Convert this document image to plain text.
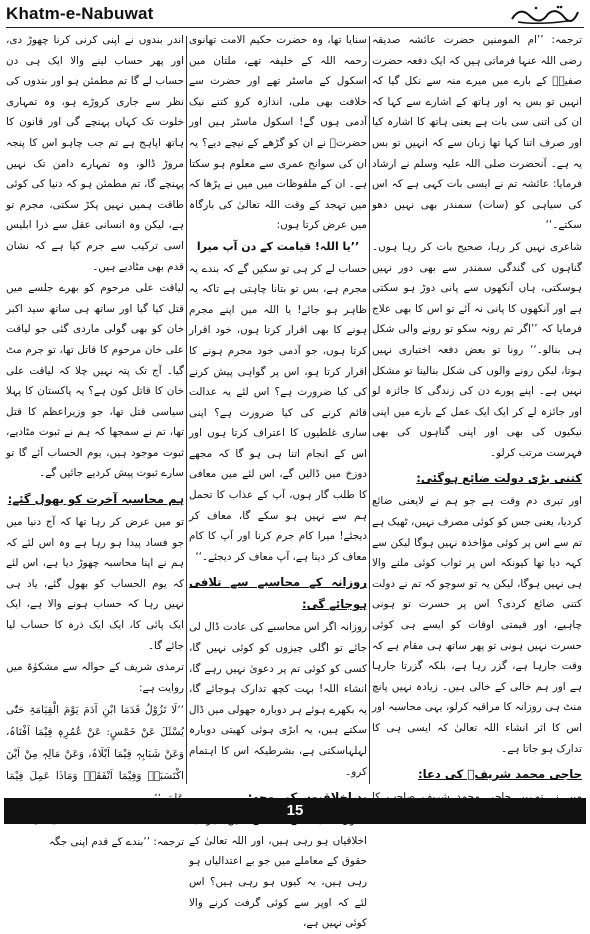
Khatm-e-Nabuwat

ترجمہ: ’’ام المومنین حضرت عائشہ صدیقہ رضی اللہ عنہا فرماتی ہیں کہ ایک دفعہ حضرت صفیہؓ کے بارے میں میرے منہ سے نکل گیا کہ انہیں تو بس یہ اور ہاتھ کے اشارے سے کہا کہ ان کی اتنی سی بات ہے یعنی ہاتھ کا اشارہ کیا اور صرف اتنا کہا تھا زبان سے کہ انہیں تو بس یہ ہے۔ آنحضرت صلی اللہ علیہ وسلم نے ارشاد فرمایا: عائشہ تم نے ایسی بات کہی ہے کہ اس کی سیاہی کو (سات) سمندر بھی نہیں دھو سکتے۔‘‘

شاعری نہیں کر رہا، صحیح بات کر رہا ہوں۔ گناہوں کی گندگی سمندر سے بھی دور نہیں ہوسکتی، ہاں آنکھوں سے پانی دوڑ ہو سکتی ہے اور آنکھوں کا پانی نہ آئے تو اس کا بھی علاج فرمایا کہ ’’اگر تم رونہ سکو تو رونے والی شکل ہی بنالو۔‘‘ رونا تو بعض دفعہ اختیاری نہیں ہوتا، لیکن رونے والوں کی شکل بنالینا تو مشکل نہیں ہے۔ اپنے پورے دن کی زندگی کا جائزہ لو اور جائزہ لے کر ایک ایک عمل کے بارے میں اپنی نیکیوں کی بھی اور اپنی گناہوں کی بھی فہرست مرتب کرلو۔

کتنی بڑی دولت ضائع ہوگئی:

اور تیری دم وقت ہے جو ہم نے لایعنی ضائع کردیا، یعنی جس کو کوئی مصرف نہیں، ٹھیک ہے تم سے اس پر کوئی مؤاخذہ نہیں ہوگا لیکن سے کہہ دیا تھا کیونکہ اس پر ثواب کوئی ملنے والا ہی نہیں ہوگا، لیکن یہ تو سوچو کہ تم نے دولت کتنی ضائع کردی؟ اس پر حسرت تو ہونی چاہیے، اور قیمتی اوقات کو ایسے ہی کوئی حسرت نہیں ہونی تو پھر ساتھ ہی مقام ہے کہ وقت جارہا ہے، گزر رہا ہے، بلکہ گزرتا جارہا ہے اور ہم خالی کے خالی ہیں۔ زیادہ نہیں پانچ منٹ ہی روزانہ کا مراقبہ کرلو، یہی محاسبہ اور اس کا اثر انشاء اللہ تعالیٰ کہ ایسی ہی کا تدارک ہو جاتا ہے۔

حاجی محمد شریفؒ کی دعا:

سنایا تھا، وہ حضرت حکیم الامت تھانوی رحمہ اللہ کے خلیفہ تھے، ملتان میں اسکول کے ماسٹر تھے اور حضرت سے خلافت بھی ملی، اندازہ کرو کتنے نیک آدمی ہوں گے! اسکول ماسٹر ہیں اور حضرتؒ نے ان کو گڑھے کے نیچے دیے؟ یہ ان کی سوانح عمری سے معلوم ہو سکتا ہے۔ ان کے ملفوظات میں میں نے پڑھا کہ میں تہجد کے وقت اللہ تعالیٰ کی بارگاہ میں عرض کرتا ہوں:

’’یا اللہ! قیامت کے دن آپ میرا

حساب لے کر ہی تو سکیں گے کہ بندے یہ مجرم ہے، بس تو بتانا چاہتی ہے تاکہ یہ ظاہر ہو جائے! یا اللہ میں اپنے مجرم ہونے کا بھی اقرار کرتا ہوں، خود اقرار کرتا ہوں، جو آدمی خود مجرم ہونے کا اقرار کرتا ہو، اس پر گواہی پیش کرنے کی کیا ضرورت ہے؟ اس لئے یہ عدالت قائم کرنے کی کیا ضرورت ہے؟ اپنی ساری غلطیوں کا اعتراف کرتا ہوں اور اس کے انجام اتنا ہی ہو گا کہ مجھے دوزخ میں ڈالیں گے، اس لئے میں معافی کا طلب گار ہوں، آپ کے عذاب کا تحمل ہم سے نہیں ہو سکے گا، معاف کر دیجئے! میرا کام جرم کرنا اور آپ کا کام معاف کر دینا ہے، آپ معاف کر دیجئے۔‘‘

روزانہ کے محاسبے سے تلافی ہوجائے گی:

روزانہ اگر اس محاسبے کی عادت ڈال لی جائے تو اگلی چیزوں کو کوئی نہیں گا، کسی کو کوئی تم پر دعویٰ نہیں رہے گا، انشاء اللہ! بہت کچھ تدارک ہوجائے گا، یہ بکھرے ہوئے ہر دوبارہ جھولی میں ڈال سکتے ہیں، یہ ابڑی ہوئی کھیتی دوبارہ لہلہاسکتی ہے، بشرطیکہ اس کا اہتمام کرو۔

اخلاقیاں ہو رہی ہیں، اور اللہ تعالیٰ کے حقوق کے معاملے میں جو بے اعتدالیاں ہو رہی ہیں، یہ کیوں ہو رہی ہیں؟ اس لئے کہ اوپر سے کوئی گرفت کرنے والا کوئی نہیں ہے،

اندر بندوں نے اپنی کرنی کرنا چھوڑ دی، اور پھر حساب لینے والا ایک ہی دن حساب لے گا تم مطمئن ہو اور بندوں کی نظر سے جاری کروڑے ہو، وہ تمہاری خلوت تک کہاں پہنچے گی اور قانون کا ہاتھ اپاہج ہے تم جب چاہو اس کا پنجہ مروڑ ڈالو، وہ تمہارے دامن تک نہیں پہنچے گا، تم مطمئن ہو کہ دنیا کی کوئی طاقت ہمیں نہیں پکڑ سکتی، مجرم تو ہے، لیکن وہ انسانی عقل سے ذرا ابلیس اسی ترکیب سے جرم کیا ہے کہ نشان قدم بھی مٹادیے ہیں۔

لیاقت علی مرحوم کو بھرے جلسے میں قتل کیا گیا اور ساتھ ہی ساتھ سید اکبر خان کو بھی گولی ماردی گئی جو لیاقت علی خان مرحوم کا قاتل تھا، تو جرم مٹ گیا۔ آج تک پتہ نہیں چلا کہ لیاقت علی خان کا قاتل کون ہے؟ یہ پاکستان کا پہلا سیاسی قتل تھا، جو وزیراعظم کا قتل تھا، تم نے سمجھا کہ ہم نے ثبوت مٹادیے، ثبوت موجود ہیں، یوم الحساب آئے گا تو سارے ثبوت پیش کردیے جائیں گے۔

ہم محاسبہ آخرت کو بھول گئے:

تو میں عرض کر رہا تھا کہ آج دنیا میں جو فساد پیدا ہو رہا ہے وہ اس لئے کہ ہم نے اپنا محاسبہ چھوڑ دیا ہے، اس لئے کہ یوم الحساب کو بھول گئے، یاد ہی نہیں رہا کہ حساب ہونے والا ہے، ایک ایک پائی کا، ایک ایک ذرہ کا حساب لیا جائے گا۔

ترمذی شریف کے حوالہ سے مشکوٰۃ میں روایت ہے:

’’لَا تَزُوْلُ قَدَمَا ابْنِ آدَمَ یَوْمَ الْقِیَامَۃِ حَتّٰی یُسْئَلَ عَنْ خَمْسٍ: عَنْ عُمُرِہٖ فِیْمَا اَفْنَاہُ، وَعَنْ شَبَابِہٖ فِیْمَا اَبْلَاہُ، وَعَنْ مَالِہٖ مِنْ اَیْنَ اکْتَسَبَہٗ وَفِیْمَا اَنْفَقَہٗ وَمَاذَا عَمِلَ فِیْمَا

ترجمہ: ’’بندے کے قدم اپنی جگہ

15
